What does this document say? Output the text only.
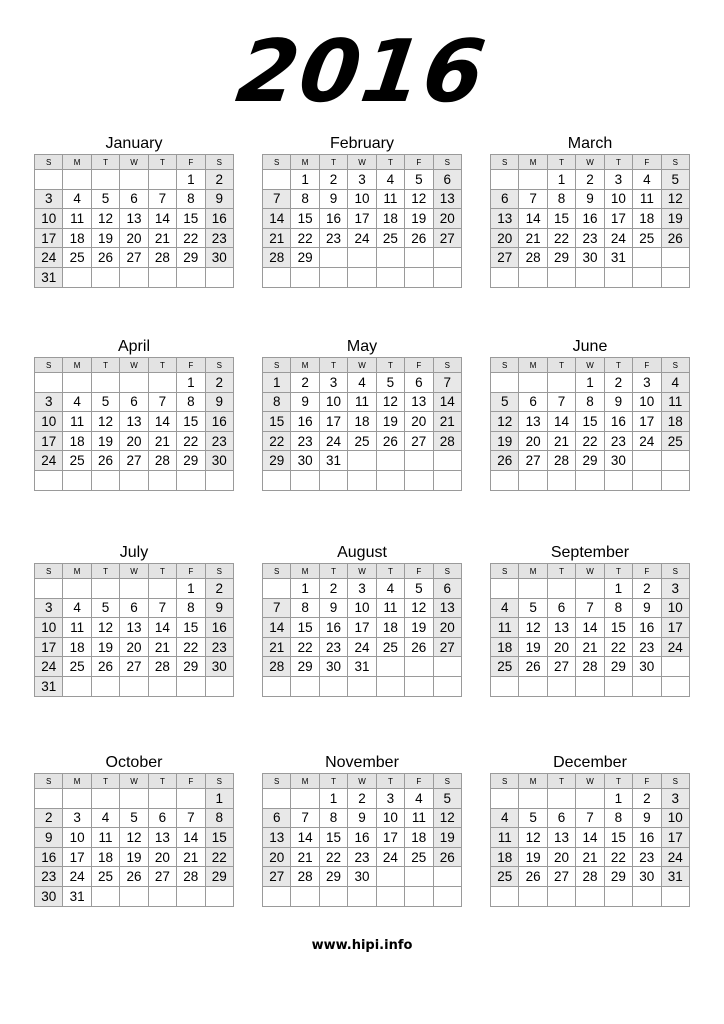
2016
January
S	M	T	W	T	F	S
					1	2
3	4	5	6	7	8	9
10	11	12	13	14	15	16
17	18	19	20	21	22	23
24	25	26	27	28	29	30
31						
February
S	M	T	W	T	F	S
	1	2	3	4	5	6
7	8	9	10	11	12	13
14	15	16	17	18	19	20
21	22	23	24	25	26	27
28	29					

March
S	M	T	W	T	F	S
		1	2	3	4	5
6	7	8	9	10	11	12
13	14	15	16	17	18	19
20	21	22	23	24	25	26
27	28	29	30	31		

April
S	M	T	W	T	F	S
					1	2
3	4	5	6	7	8	9
10	11	12	13	14	15	16
17	18	19	20	21	22	23
24	25	26	27	28	29	30

May
S	M	T	W	T	F	S
1	2	3	4	5	6	7
8	9	10	11	12	13	14
15	16	17	18	19	20	21
22	23	24	25	26	27	28
29	30	31				

June
S	M	T	W	T	F	S
			1	2	3	4
5	6	7	8	9	10	11
12	13	14	15	16	17	18
19	20	21	22	23	24	25
26	27	28	29	30		

July
S	M	T	W	T	F	S
					1	2
3	4	5	6	7	8	9
10	11	12	13	14	15	16
17	18	19	20	21	22	23
24	25	26	27	28	29	30
31						
August
S	M	T	W	T	F	S
	1	2	3	4	5	6
7	8	9	10	11	12	13
14	15	16	17	18	19	20
21	22	23	24	25	26	27
28	29	30	31			

September
S	M	T	W	T	F	S
				1	2	3
4	5	6	7	8	9	10
11	12	13	14	15	16	17
18	19	20	21	22	23	24
25	26	27	28	29	30	

October
S	M	T	W	T	F	S
						1
2	3	4	5	6	7	8
9	10	11	12	13	14	15
16	17	18	19	20	21	22
23	24	25	26	27	28	29
30	31					
November
S	M	T	W	T	F	S
		1	2	3	4	5
6	7	8	9	10	11	12
13	14	15	16	17	18	19
20	21	22	23	24	25	26
27	28	29	30			

December
S	M	T	W	T	F	S
				1	2	3
4	5	6	7	8	9	10
11	12	13	14	15	16	17
18	19	20	21	22	23	24
25	26	27	28	29	30	31

www.hipi.info
